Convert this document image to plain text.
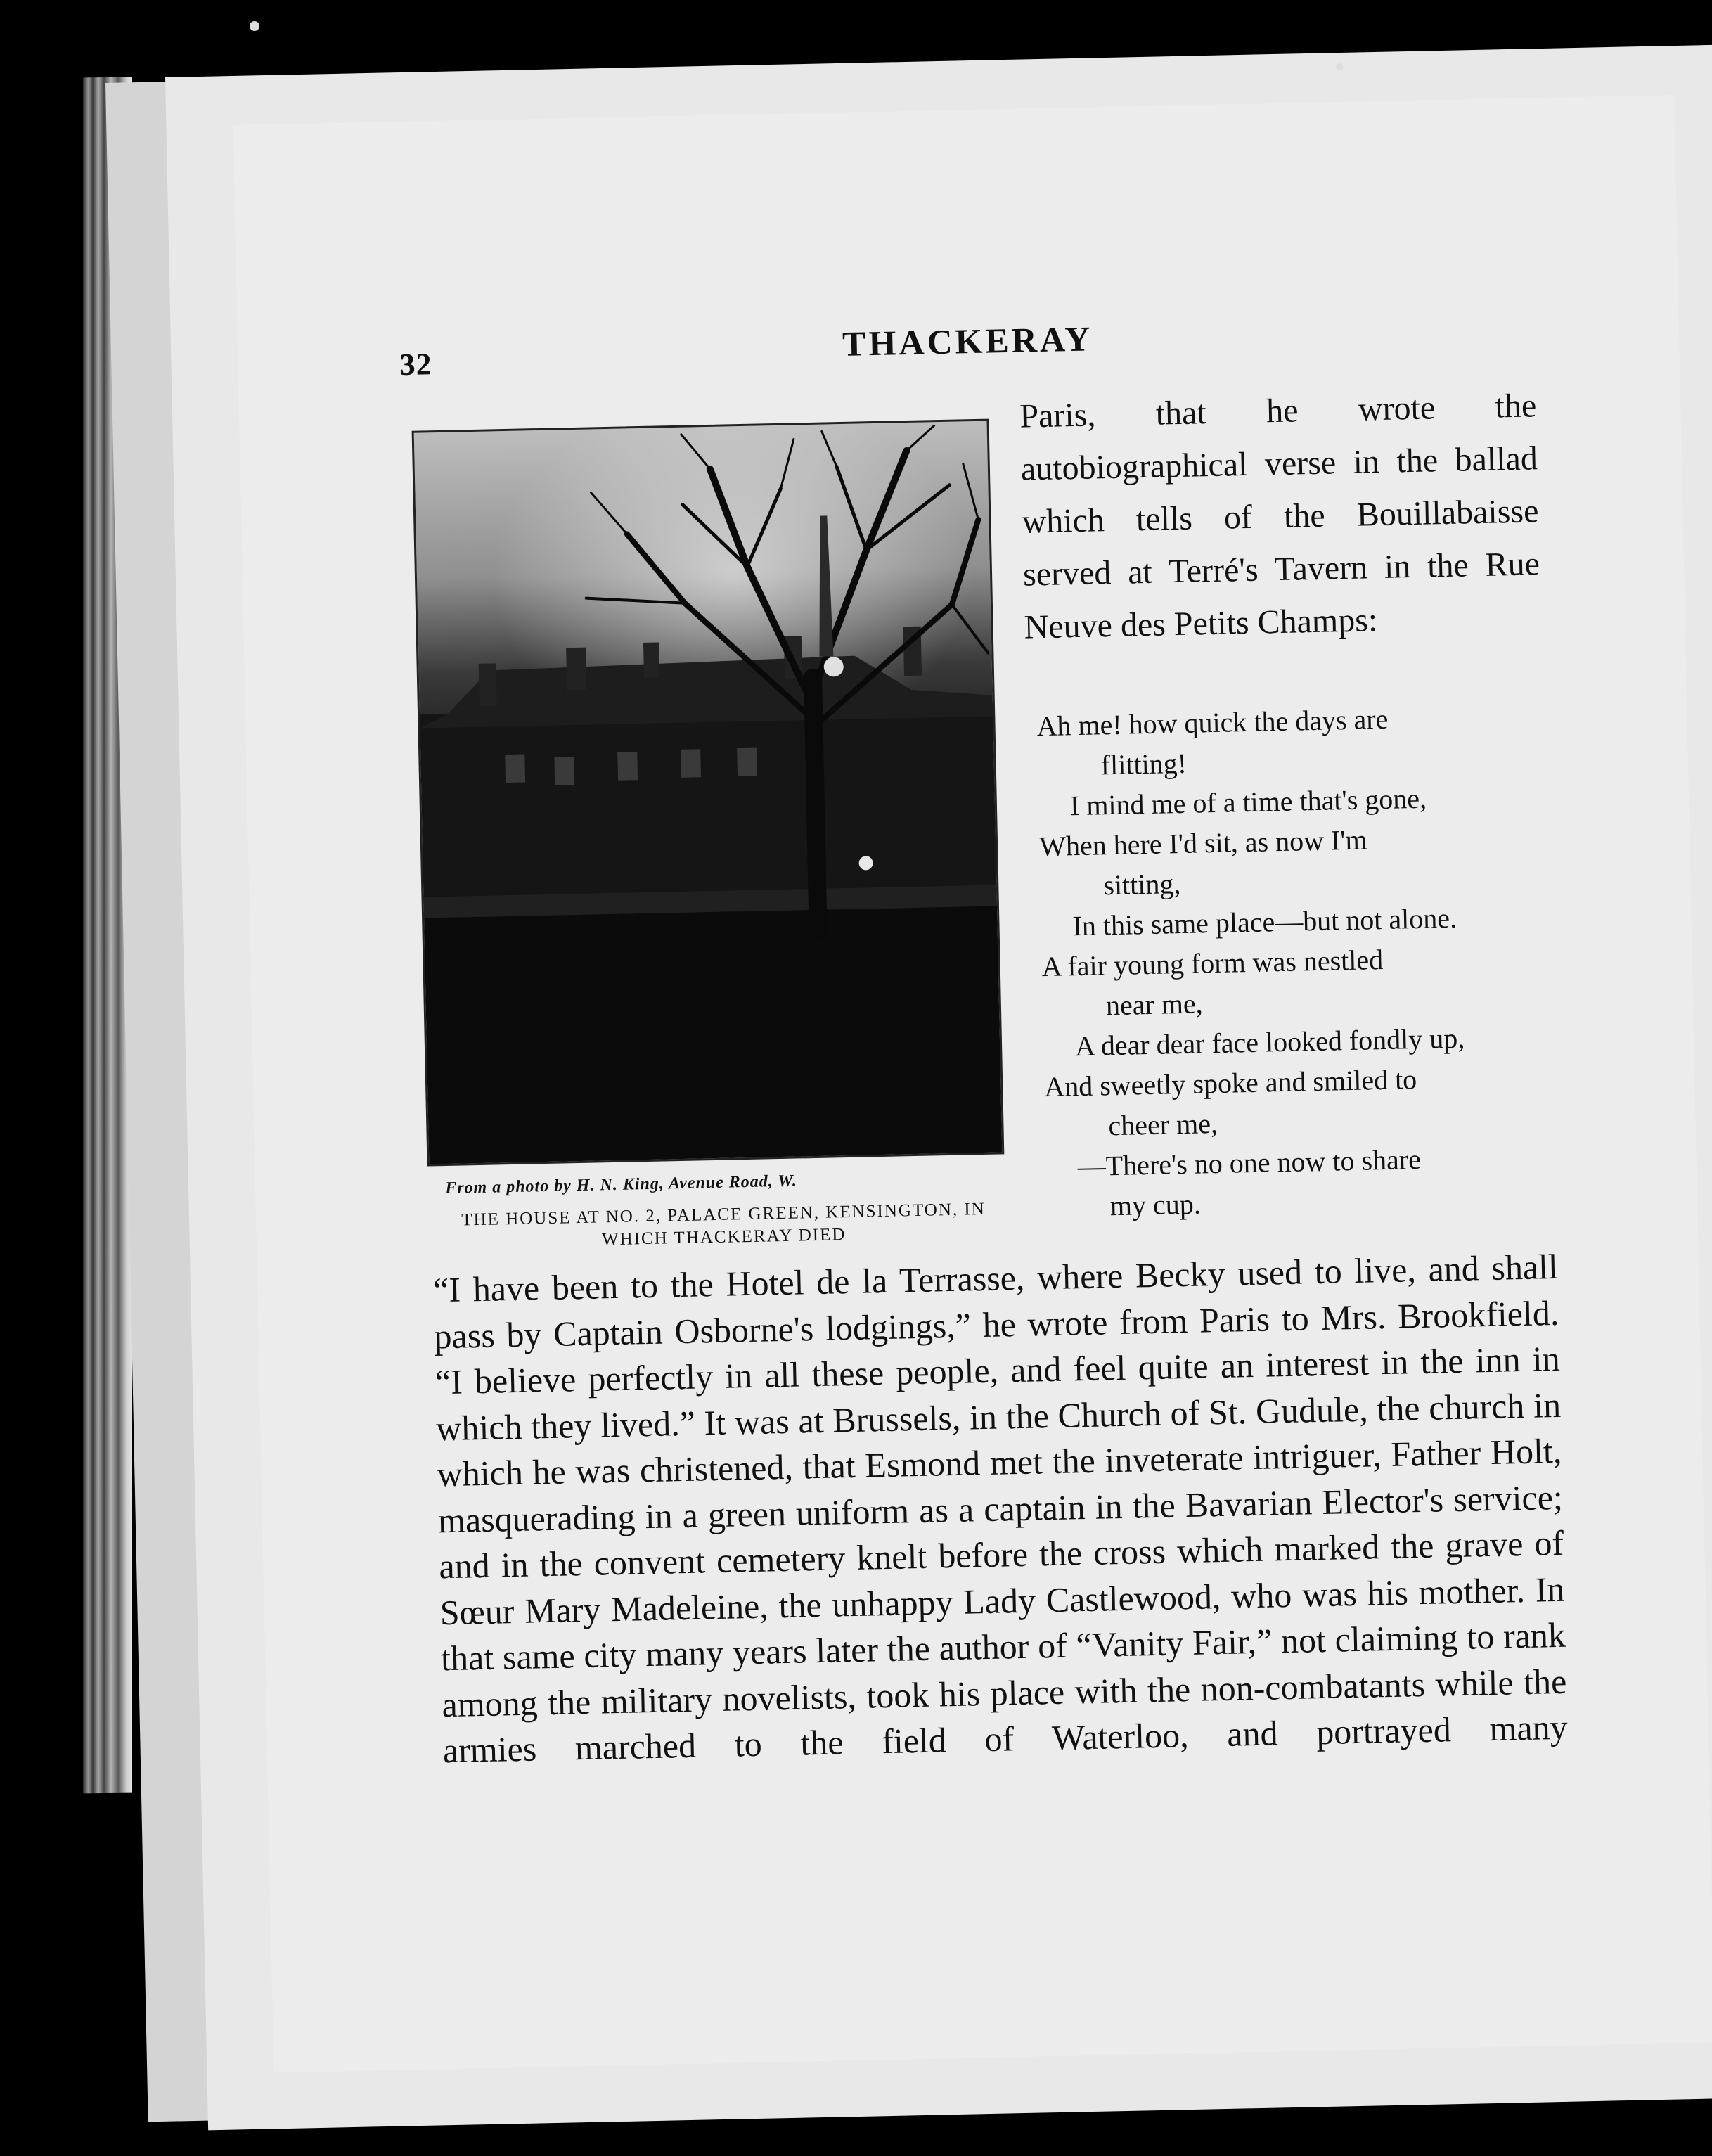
32
THACKERAY
From a photo by H. N. King, Avenue Road, W.
THE HOUSE AT NO. 2, PALACE GREEN, KENSINGTON, IN WHICH THACKERAY DIED
Paris, that he wrote the autobiographical verse in the ballad which tells of the Bouillabaisse served at Terré's Tavern in the Rue Neuve des Petits Champs:
Ah me! how quick the days are
flitting!
I mind me of a time that's gone,
When here I'd sit, as now I'm
sitting,
In this same place—but not alone.
A fair young form was nestled
near me,
A dear dear face looked fondly up,
And sweetly spoke and smiled to
cheer me,
—There's no one now to share
my cup.
“I have been to the Hotel de la Terrasse, where Becky used to live, and shall pass by Captain Osborne's lodgings,” he wrote from Paris to Mrs. Brookfield. “I believe perfectly in all these people, and feel quite an interest in the inn in which they lived.” It was at Brussels, in the Church of St. Gudule, the church in which he was christened, that Esmond met the inveterate intriguer, Father Holt, masquerading in a green uniform as a captain in the Bavarian Elector's service; and in the convent cemetery knelt before the cross which marked the grave of Sœur Mary Madeleine, the unhappy Lady Castlewood, who was his mother. In that same city many years later the author of “Vanity Fair,” not claiming to rank among the military novelists, took his place with the non-combatants while the armies marched to the field of Waterloo, and portrayed many
